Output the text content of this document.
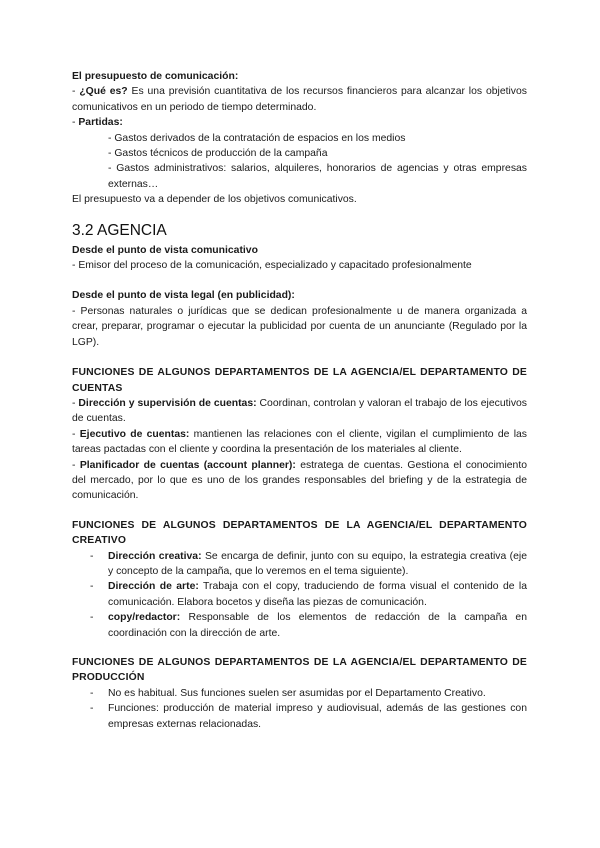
El presupuesto de comunicación:

- ¿Qué es? Es una previsión cuantitativa de los recursos financieros para alcanzar los objetivos comunicativos en un periodo de tiempo determinado.

- Partidas:

- Gastos derivados de la contratación de espacios en los medios

- Gastos técnicos de producción de la campaña

- Gastos administrativos: salarios, alquileres, honorarios de agencias y otras empresas externas…

El presupuesto va a depender de los objetivos comunicativos.

3.2 AGENCIA

Desde el punto de vista comunicativo

- Emisor del proceso de la comunicación, especializado y capacitado profesionalmente

Desde el punto de vista legal (en publicidad):

- Personas naturales o jurídicas que se dedican profesionalmente u de manera organizada a crear, preparar, programar o ejecutar la publicidad por cuenta de un anunciante (Regulado por la LGP).

FUNCIONES DE ALGUNOS DEPARTAMENTOS DE LA AGENCIA/EL DEPARTAMENTO DE CUENTAS

- Dirección y supervisión de cuentas: Coordinan, controlan y valoran el trabajo de los ejecutivos de cuentas.

- Ejecutivo de cuentas: mantienen las relaciones con el cliente, vigilan el cumplimiento de las tareas pactadas con el cliente y coordina la presentación de los materiales al cliente.

- Planificador de cuentas (account planner): estratega de cuentas. Gestiona el conocimiento del mercado, por lo que es uno de los grandes responsables del briefing y de la estrategia de comunicación.

FUNCIONES DE ALGUNOS DEPARTAMENTOS DE LA AGENCIA/EL DEPARTAMENTO CREATIVO

- Dirección creativa: Se encarga de definir, junto con su equipo, la estrategia creativa (eje y concepto de la campaña, que lo veremos en el tema siguiente).
- Dirección de arte: Trabaja con el copy, traduciendo de forma visual el contenido de la comunicación. Elabora bocetos y diseña las piezas de comunicación.
- copy/redactor: Responsable de los elementos de redacción de la campaña en coordinación con la dirección de arte.

FUNCIONES DE ALGUNOS DEPARTAMENTOS DE LA AGENCIA/EL DEPARTAMENTO DE PRODUCCIÓN

- No es habitual. Sus funciones suelen ser asumidas por el Departamento Creativo.
- Funciones: producción de material impreso y audiovisual, además de las gestiones con empresas externas relacionadas.
